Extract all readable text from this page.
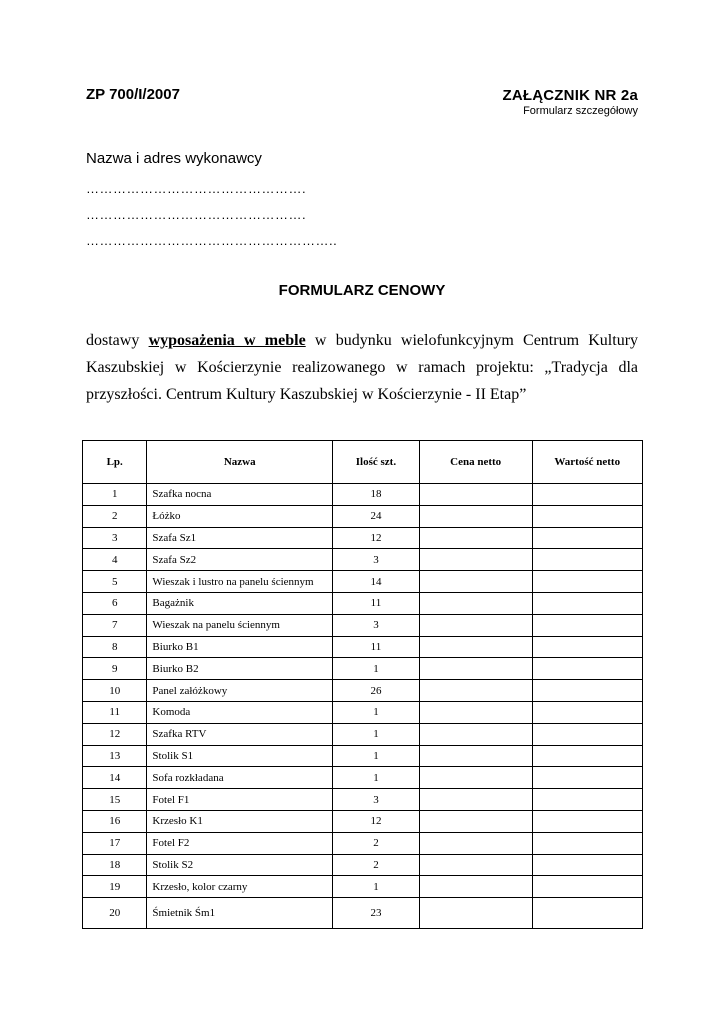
ZP 700/I/2007	ZAŁĄCZNIK NR 2a
Formularz szczegółowy
Nazwa i adres wykonawcy
………………………………………….
………………………………………….
………………………………………………..
FORMULARZ CENOWY
dostawy wyposażenia w meble w budynku wielofunkcyjnym Centrum Kultury Kaszubskiej w Kościerzynie realizowanego w ramach projektu: „Tradycja dla przyszłości. Centrum Kultury Kaszubskiej w Kościerzynie - II Etap”
Lp.	Nazwa	Ilość szt.	Cena netto	Wartość netto
1	Szafka nocna	18		
2	Łóżko	24		
3	Szafa Sz1	12		
4	Szafa Sz2	3		
5	Wieszak i lustro na panelu ściennym	14		
6	Bagażnik	11		
7	Wieszak na panelu ściennym	3		
8	Biurko B1	11		
9	Biurko B2	1		
10	Panel załóżkowy	26		
11	Komoda	1		
12	Szafka RTV	1		
13	Stolik S1	1		
14	Sofa rozkładana	1		
15	Fotel F1	3		
16	Krzesło K1	12		
17	Fotel F2	2		
18	Stolik S2	2		
19	Krzesło, kolor czarny	1		
20	Śmietnik Śm1	23		
